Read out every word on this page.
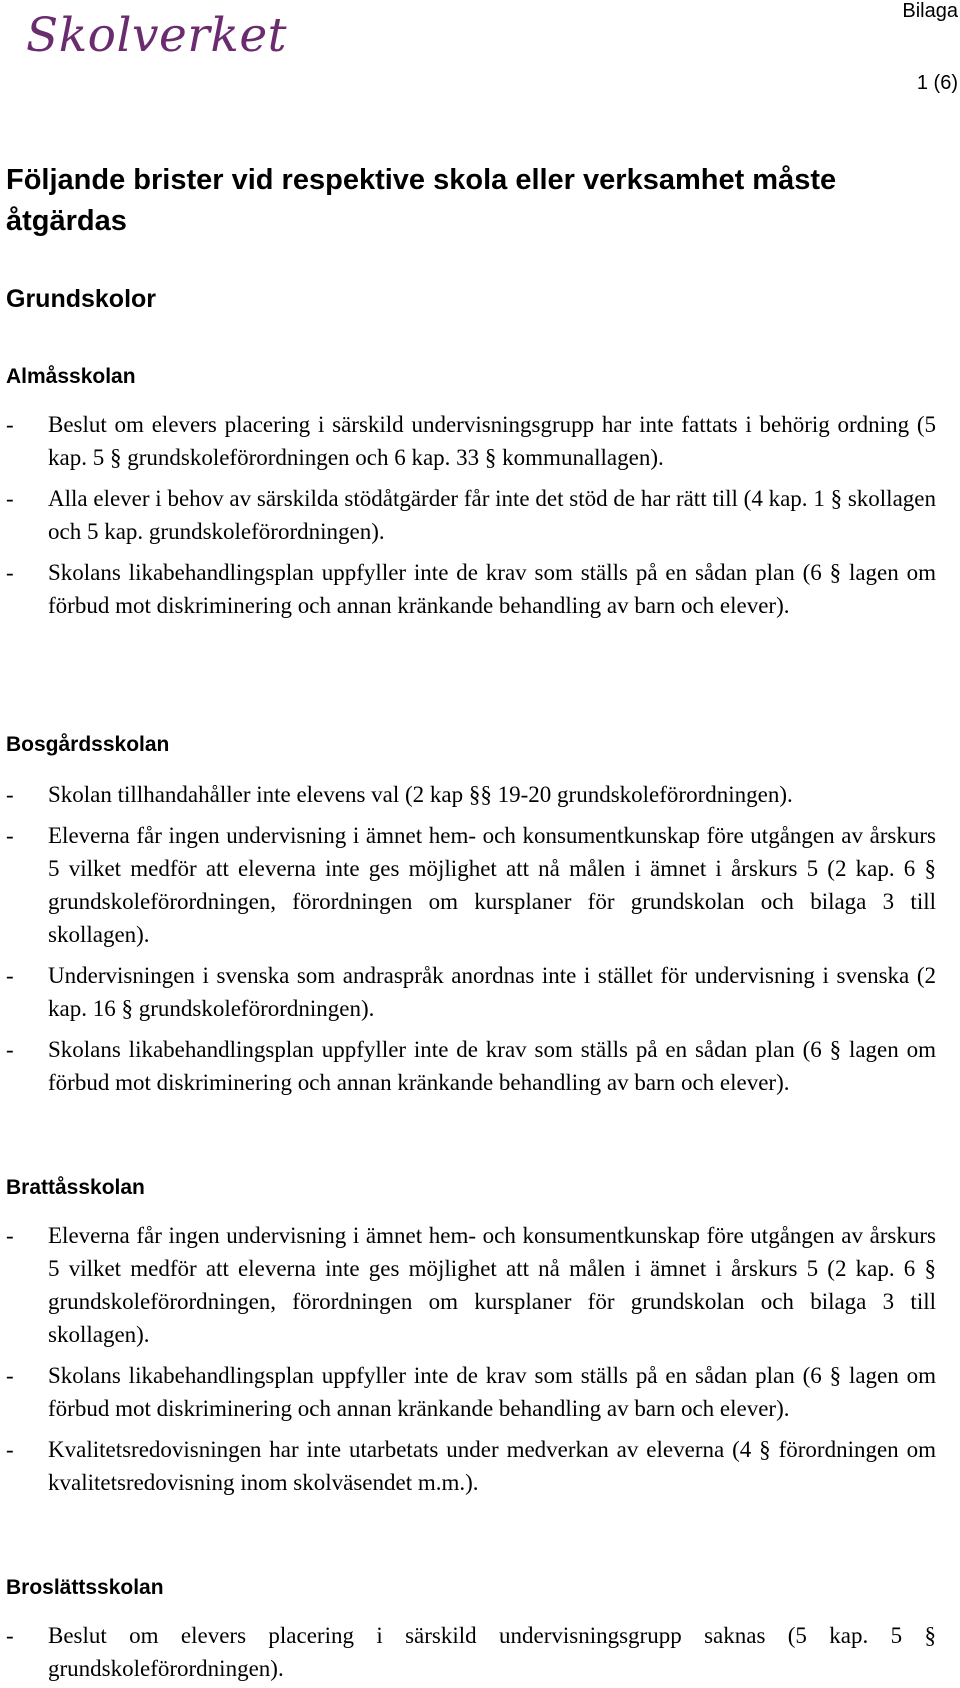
Skolverket	Bilaga
1 (6)
Följande brister vid respektive skola eller verksamhet måste åtgärdas
Grundskolor
Almåsskolan
- Beslut om elevers placering i särskild undervisningsgrupp har inte fattats i behörig ordning (5 kap. 5 § grundskoleförordningen och 6 kap. 33 § kommunallagen).
- Alla elever i behov av särskilda stödåtgärder får inte det stöd de har rätt till (4 kap. 1 § skollagen och 5 kap. grundskoleförordningen).
- Skolans likabehandlingsplan uppfyller inte de krav som ställs på en sådan plan (6 § lagen om förbud mot diskriminering och annan kränkande behandling av barn och elever).
Bosgårdsskolan
- Skolan tillhandahåller inte elevens val (2 kap §§ 19-20 grundskoleförordningen).
- Eleverna får ingen undervisning i ämnet hem- och konsumentkunskap före utgången av årskurs 5 vilket medför att eleverna inte ges möjlighet att nå målen i ämnet i årskurs 5 (2 kap. 6 § grundskoleförordningen, förordningen om kursplaner för grundskolan och bilaga 3 till skollagen).
- Undervisningen i svenska som andraspråk anordnas inte i stället för undervisning i svenska (2 kap. 16 § grundskoleförordningen).
- Skolans likabehandlingsplan uppfyller inte de krav som ställs på en sådan plan (6 § lagen om förbud mot diskriminering och annan kränkande behandling av barn och elever).
Brattåsskolan
- Eleverna får ingen undervisning i ämnet hem- och konsumentkunskap före utgången av årskurs 5 vilket medför att eleverna inte ges möjlighet att nå målen i ämnet i årskurs 5 (2 kap. 6 § grundskoleförordningen, förordningen om kursplaner för grundskolan och bilaga 3 till skollagen).
- Skolans likabehandlingsplan uppfyller inte de krav som ställs på en sådan plan (6 § lagen om förbud mot diskriminering och annan kränkande behandling av barn och elever).
- Kvalitetsredovisningen har inte utarbetats under medverkan av eleverna (4 § förordningen om kvalitetsredovisning inom skolväsendet m.m.).
Broslättsskolan
- Beslut om elevers placering i särskild undervisningsgrupp saknas (5 kap. 5 § grundskoleförordningen).
